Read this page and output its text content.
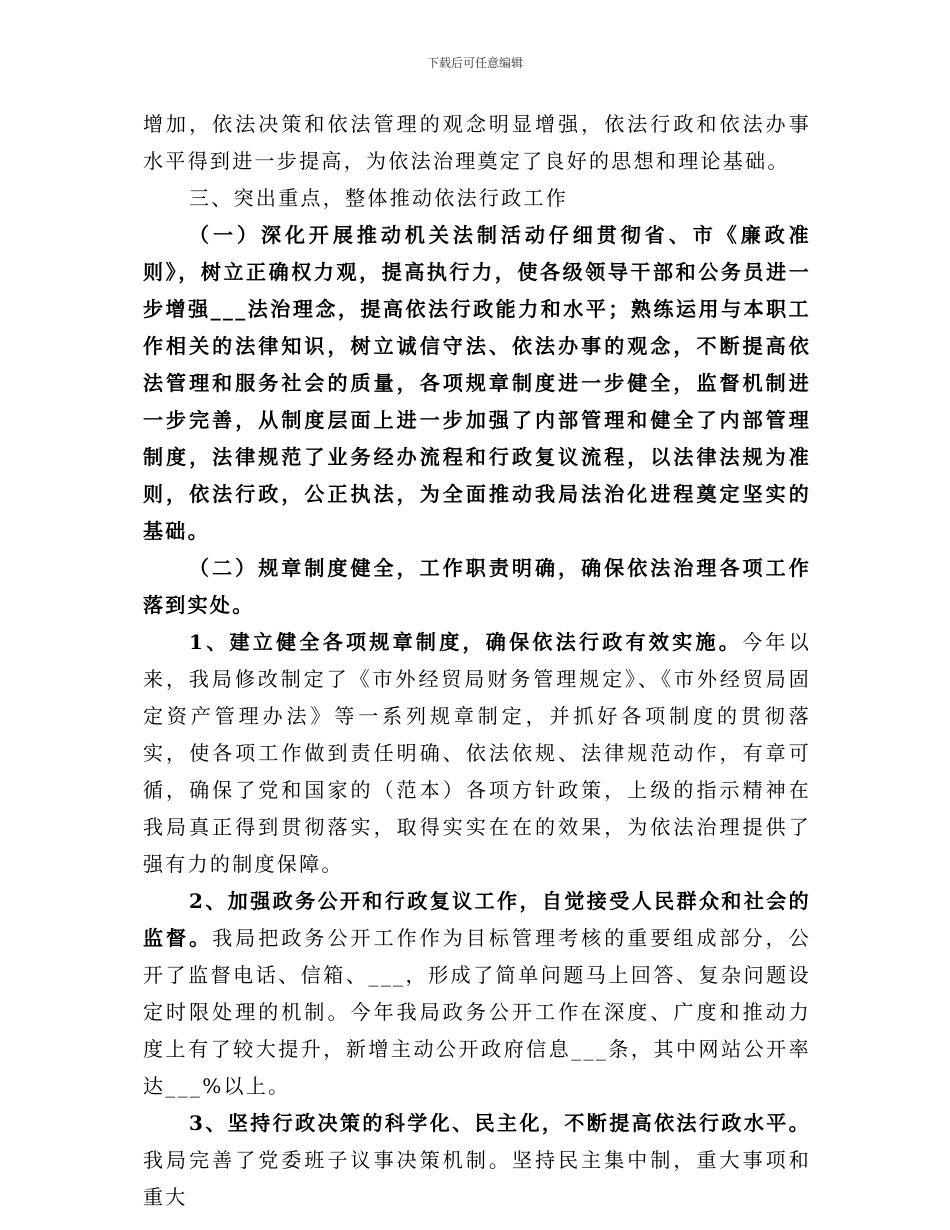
下载后可任意编辑

增加，依法决策和依法管理的观念明显增强，依法行政和依法办事水平得到进一步提高，为依法治理奠定了良好的思想和理论基础。

三、突出重点，整体推动依法行政工作

（一）深化开展推动机关法制活动仔细贯彻省、市《廉政准则》，树立正确权力观，提高执行力，使各级领导干部和公务员进一步增强___法治理念，提高依法行政能力和水平；熟练运用与本职工作相关的法律知识，树立诚信守法、依法办事的观念，不断提高依法管理和服务社会的质量，各项规章制度进一步健全，监督机制进一步完善，从制度层面上进一步加强了内部管理和健全了内部管理制度，法律规范了业务经办流程和行政复议流程，以法律法规为准则，依法行政，公正执法，为全面推动我局法治化进程奠定坚实的基础。

（二）规章制度健全，工作职责明确，确保依法治理各项工作落到实处。

1、建立健全各项规章制度，确保依法行政有效实施。今年以来，我局修改制定了《市外经贸局财务管理规定》、《市外经贸局固定资产管理办法》等一系列规章制定，并抓好各项制度的贯彻落实，使各项工作做到责任明确、依法依规、法律规范动作，有章可循，确保了党和国家的（范本）各项方针政策，上级的指示精神在我局真正得到贯彻落实，取得实实在在的效果，为依法治理提供了强有力的制度保障。

2、加强政务公开和行政复议工作，自觉接受人民群众和社会的监督。我局把政务公开工作作为目标管理考核的重要组成部分，公开了监督电话、信箱、___，形成了简单问题马上回答、复杂问题设定时限处理的机制。今年我局政务公开工作在深度、广度和推动力度上有了较大提升，新增主动公开政府信息___条，其中网站公开率达___%以上。

3、坚持行政决策的科学化、民主化，不断提高依法行政水平。我局完善了党委班子议事决策机制。坚持民主集中制，重大事项和重大
